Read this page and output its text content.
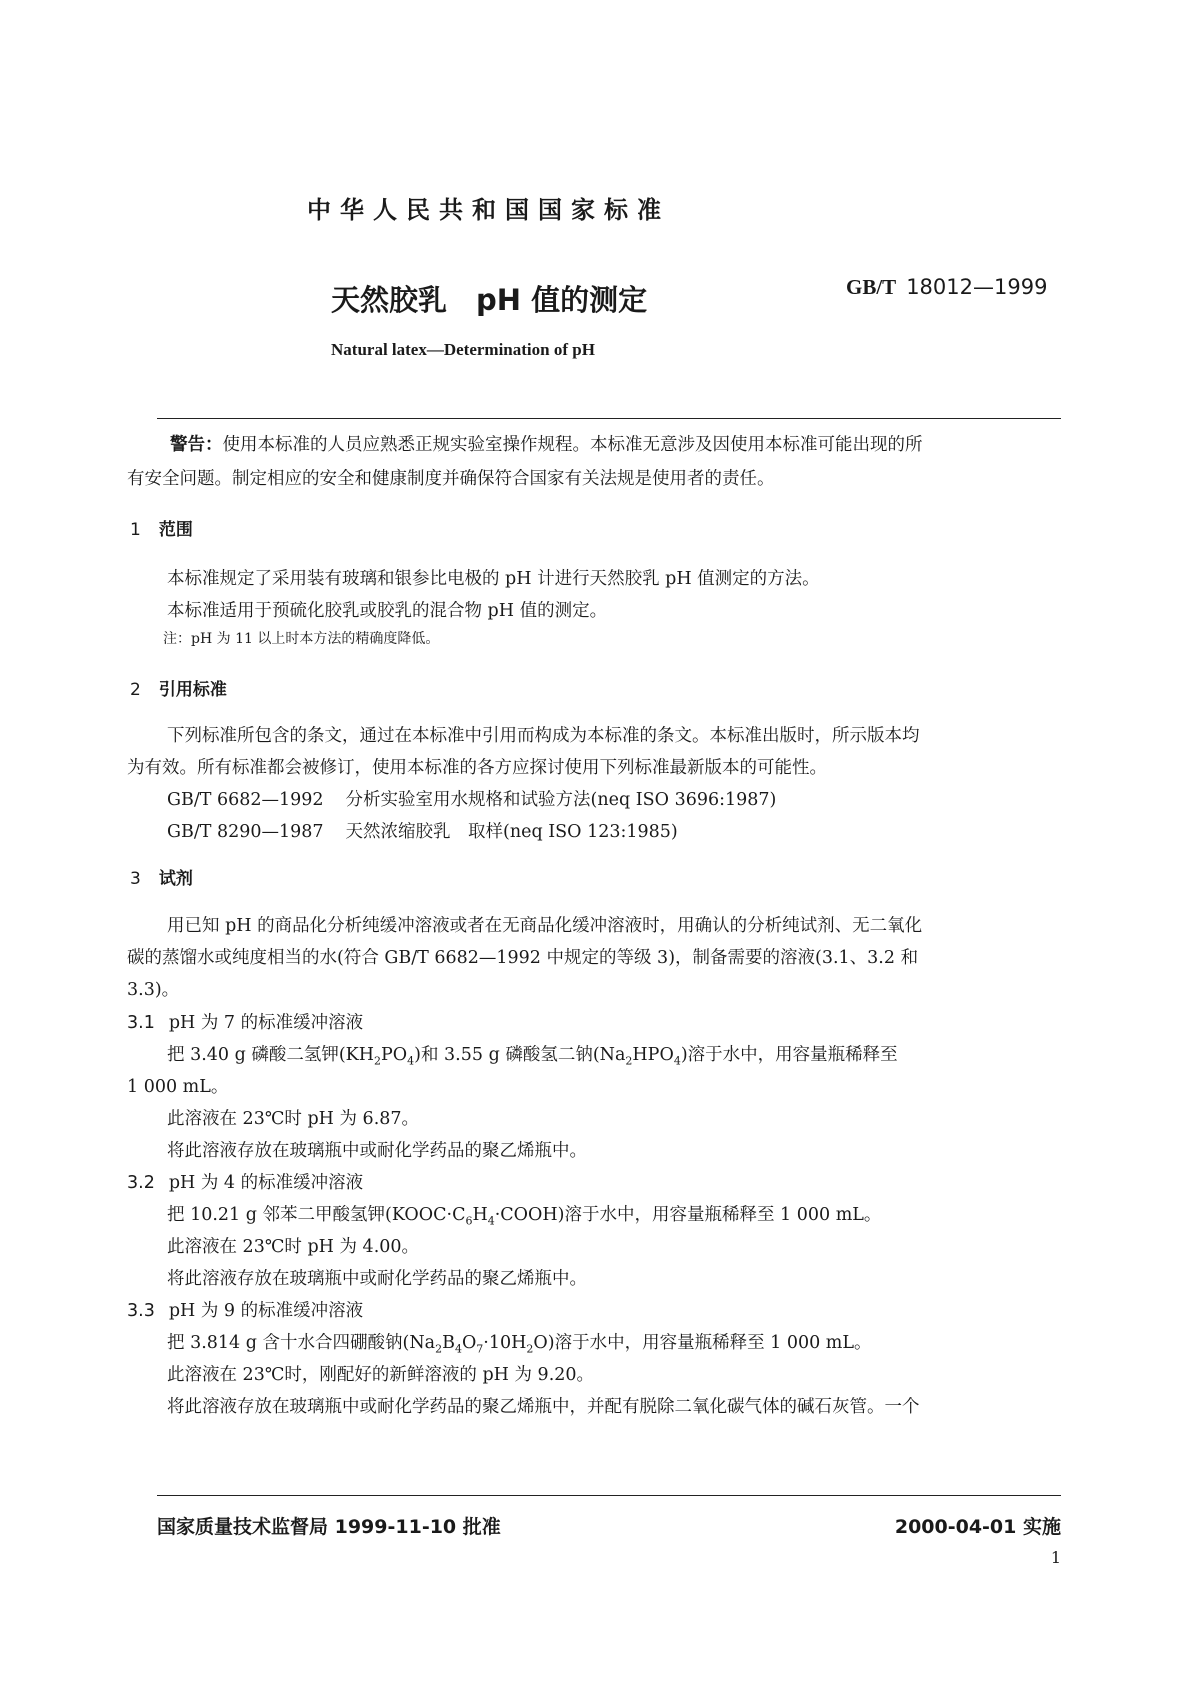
中华人民共和国国家标准
天然胶乳　pH 值的测定	GB/T 18012—1999
Natural latex—Determination of pH
警告：使用本标准的人员应熟悉正规实验室操作规程。本标准无意涉及因使用本标准可能出现的所
有安全问题。制定相应的安全和健康制度并确保符合国家有关法规是使用者的责任。
1 范围
本标准规定了采用装有玻璃和银参比电极的 pH 计进行天然胶乳 pH 值测定的方法。
本标准适用于预硫化胶乳或胶乳的混合物 pH 值的测定。
注：pH 为 11 以上时本方法的精确度降低。
2 引用标准
下列标准所包含的条文，通过在本标准中引用而构成为本标准的条文。本标准出版时，所示版本均
为有效。所有标准都会被修订，使用本标准的各方应探讨使用下列标准最新版本的可能性。
GB/T 6682—1992 分析实验室用水规格和试验方法(neq ISO 3696:1987)
GB/T 8290—1987 天然浓缩胶乳　取样(neq ISO 123:1985)
3 试剂
用已知 pH 的商品化分析纯缓冲溶液或者在无商品化缓冲溶液时，用确认的分析纯试剂、无二氧化
碳的蒸馏水或纯度相当的水(符合 GB/T 6682—1992 中规定的等级 3)，制备需要的溶液(3.1、3.2 和
3.3)。
3.1 pH 为 7 的标准缓冲溶液
把 3.40 g 磷酸二氢钾$(KH_2PO_4)$和 3.55 g 磷酸氢二钠$(Na_2HPO_4)$溶于水中，用容量瓶稀释至
1 000 mL。
此溶液在 23℃时 pH 为 6.87。
将此溶液存放在玻璃瓶中或耐化学药品的聚乙烯瓶中。
3.2 pH 为 4 的标准缓冲溶液
把 10.21 g 邻苯二甲酸氢钾$(KOOC\cdot C_6H_4\cdot COOH)$溶于水中，用容量瓶稀释至 1 000 mL。
此溶液在 23℃时 pH 为 4.00。
将此溶液存放在玻璃瓶中或耐化学药品的聚乙烯瓶中。
3.3 pH 为 9 的标准缓冲溶液
把 3.814 g 含十水合四硼酸钠$(Na_2B_4O_7\cdot 10H_2O)$溶于水中，用容量瓶稀释至 1 000 mL。
此溶液在 23℃时，刚配好的新鲜溶液的 pH 为 9.20。
将此溶液存放在玻璃瓶中或耐化学药品的聚乙烯瓶中，并配有脱除二氧化碳气体的碱石灰管。一个
国家质量技术监督局 1999-11-10 批准	2000-04-01 实施
1
